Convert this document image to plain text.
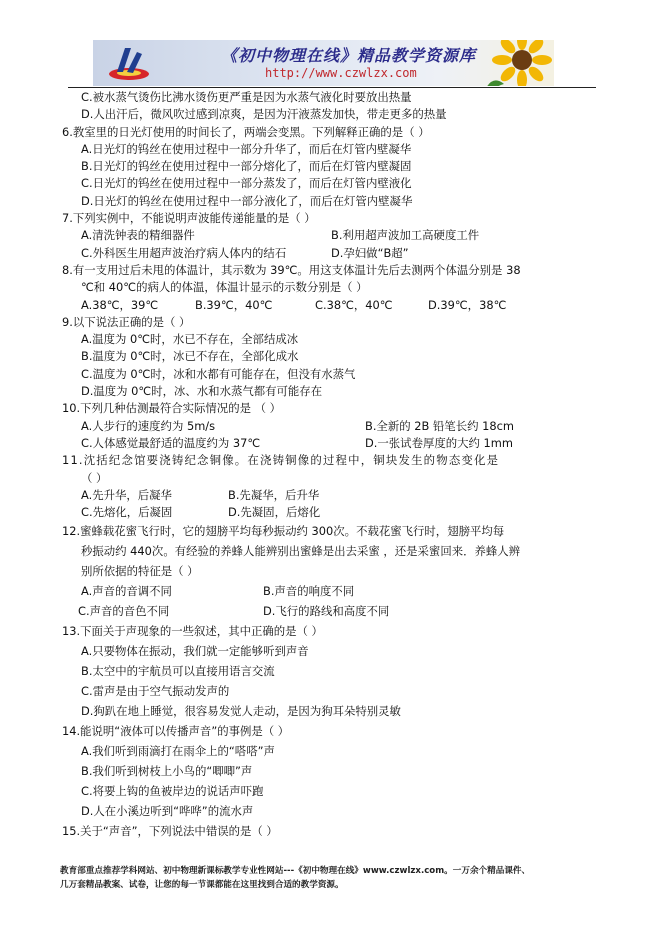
《初中物理在线》精品教学资源库
http://www.czwlzx.com
C.被水蒸气烫伤比沸水烫伤更严重是因为水蒸气液化时要放出热量
D.人出汗后，微风吹过感到凉爽，是因为汗液蒸发加快，带走更多的热量
6.教室里的日光灯使用的时间长了，两端会变黑。下列解释正确的是（ ）
A.日光灯的钨丝在使用过程中一部分升华了，而后在灯管内壁凝华
B.日光灯的钨丝在使用过程中一部分熔化了，而后在灯管内壁凝固
C.日光灯的钨丝在使用过程中一部分蒸发了，而后在灯管内壁液化
D.日光灯的钨丝在使用过程中一部分液化了，而后在灯管内壁凝华
7.下列实例中，不能说明声波能传递能量的是（ ）
A.清洗钟表的精细器件	B.利用超声波加工高硬度工件
C.外科医生用超声波治疗病人体内的结石	D.孕妇做“B超”
8.有一支用过后未甩的体温计，其示数为 39℃。用这支体温计先后去测两个体温分别是 38
℃和 40℃的病人的体温，体温计显示的示数分别是（ ）
A.38℃，39℃	B.39℃，40℃	C.38℃，40℃	D.39℃，38℃
9.以下说法正确的是（ ）
A.温度为 0℃时，水已不存在，全部结成冰
B.温度为 0℃时，冰已不存在，全部化成水
C.温度为 0℃时，冰和水都有可能存在，但没有水蒸气
D.温度为 0℃时，冰、水和水蒸气都有可能存在
10.下列几种估测最符合实际情况的是 （ ）
A.人步行的速度约为 5m/s	B.全新的 2B 铅笔长约 18cm
C.人体感觉最舒适的温度约为 37℃	D.一张试卷厚度的大约 1mm
11.沈括纪念馆要浇铸纪念铜像。在浇铸铜像的过程中，铜块发生的物态变化是
（ ）
A.先升华，后凝华	B.先凝华，后升华
C.先熔化，后凝固	D.先凝固，后熔化
12.蜜蜂载花蜜飞行时，它的翅膀平均每秒振动约 300次。不载花蜜飞行时，翅膀平均每
秒振动约 440次。有经验的养蜂人能辨别出蜜蜂是出去采蜜 ，还是采蜜回来．养蜂人辨
别所依据的特征是（ ）
A.声音的音调不同	B.声音的响度不同
C.声音的音色不同	D.飞行的路线和高度不同
13.下面关于声现象的一些叙述，其中正确的是（ ）
A.只要物体在振动，我们就一定能够听到声音
B.太空中的宇航员可以直接用语言交流
C.雷声是由于空气振动发声的
D.狗趴在地上睡觉，很容易发觉人走动，是因为狗耳朵特别灵敏
14.能说明“液体可以传播声音”的事例是（ ）
A.我们听到雨滴打在雨伞上的“嗒嗒”声
B.我们听到树枝上小鸟的“唧唧”声
C.将要上钩的鱼被岸边的说话声吓跑
D.人在小溪边听到“哗哗”的流水声
15.关于“声音”，下列说法中错误的是（ ）
教育部重点推荐学科网站、初中物理新课标教学专业性网站---《初中物理在线》www.czwlzx.com。一万余个精品课件、
几万套精品教案、试卷，让您的每一节课都能在这里找到合适的教学资源。
